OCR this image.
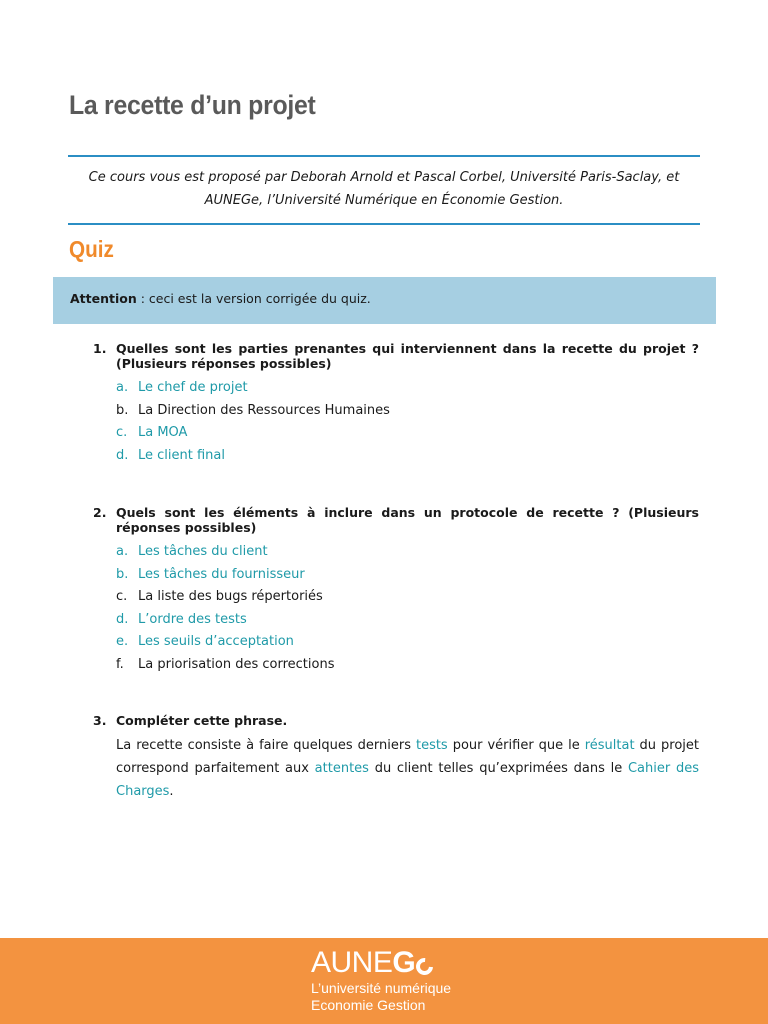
La recette d’un projet
Ce cours vous est proposé par Deborah Arnold et Pascal Corbel, Université Paris-Saclay, et
AUNEGe, l’Université Numérique en Économie Gestion.
Quiz
Attention : ceci est la version corrigée du quiz.
1. Quelles sont les parties prenantes qui interviennent dans la recette du projet ? (Plusieurs réponses possibles)
a. Le chef de projet
b. La Direction des Ressources Humaines
c. La MOA
d. Le client final
2. Quels sont les éléments à inclure dans un protocole de recette ? (Plusieurs réponses possibles)
a. Les tâches du client
b. Les tâches du fournisseur
c. La liste des bugs répertoriés
d. L’ordre des tests
e. Les seuils d’acceptation
f.	La priorisation des corrections
3. Compléter cette phrase.

La recette consiste à faire quelques derniers tests pour vérifier que le résultat du projet correspond parfaitement aux attentes du client telles qu’exprimées dans le Cahier des Charges.

AUNE G
L’université numérique
Economie Gestion
